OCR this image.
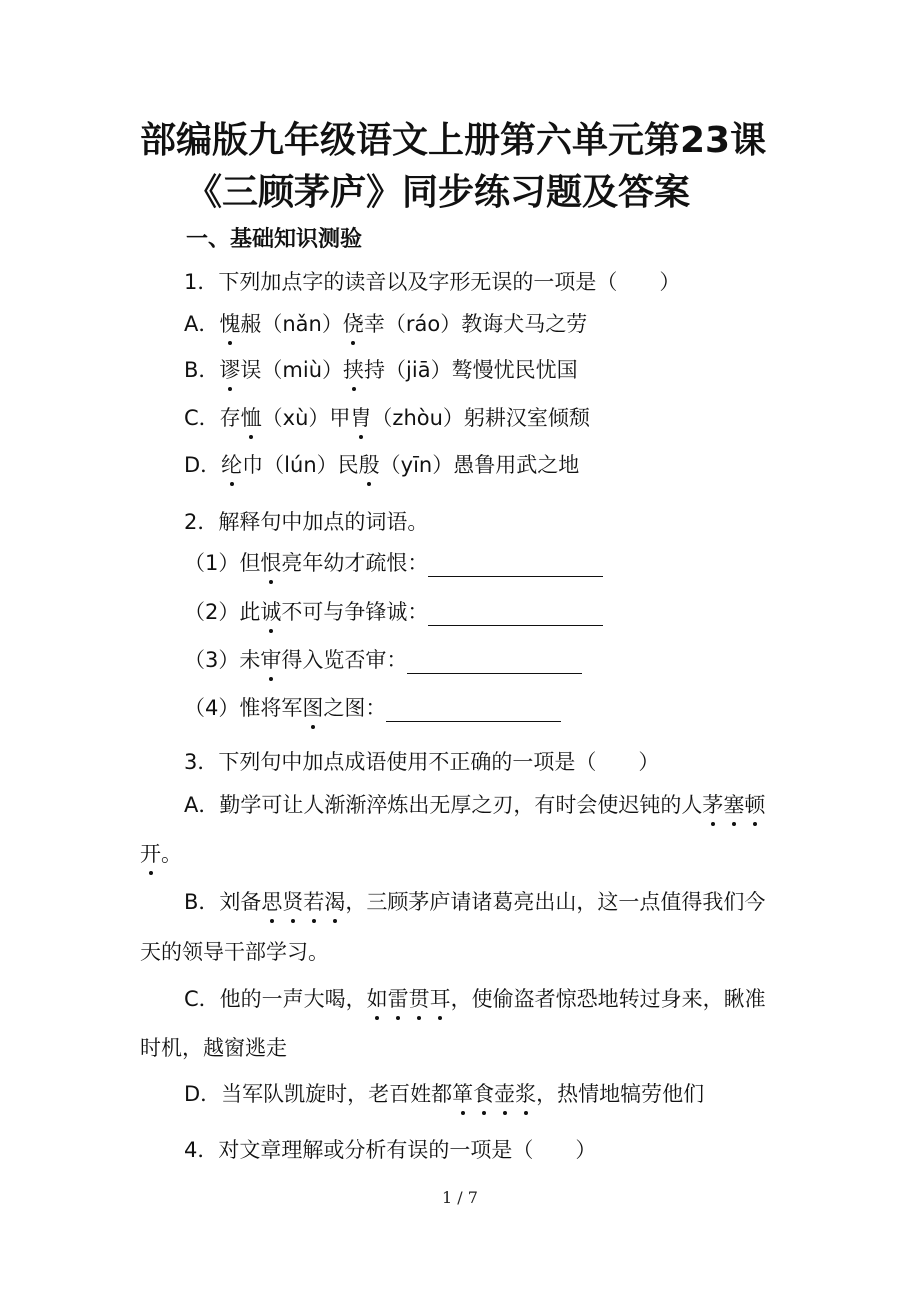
部编版九年级语文上册第六单元第23课
《三顾茅庐》同步练习题及答案
一、基础知识测验
1．下列加点字的读音以及字形无误的一项是（　　）
A．愧赧（nǎn）侥幸（ráo）教诲犬马之劳
B．谬误（miù）挟持（jiā）骜慢忧民忧国
C．存恤（xù）甲胄（zhòu）躬耕汉室倾颓
D．纶巾（lún）民殷（yīn）愚鲁用武之地
2．解释句中加点的词语。
（1）但恨亮年幼才疏恨：
（2）此诚不可与争锋诚：
（3）未审得入览否审：
（4）惟将军图之图：
3．下列句中加点成语使用不正确的一项是（　　）
A．勤学可让人渐渐淬炼出无厚之刃，有时会使迟钝的人茅塞顿
开。
B．刘备思贤若渴，三顾茅庐请诸葛亮出山，这一点值得我们今
天的领导干部学习。
C．他的一声大喝，如雷贯耳，使偷盗者惊恐地转过身来，瞅准
时机，越窗逃走
D．当军队凯旋时，老百姓都箪食壶浆，热情地犒劳他们
4．对文章理解或分析有误的一项是（　　）
1 / 7
